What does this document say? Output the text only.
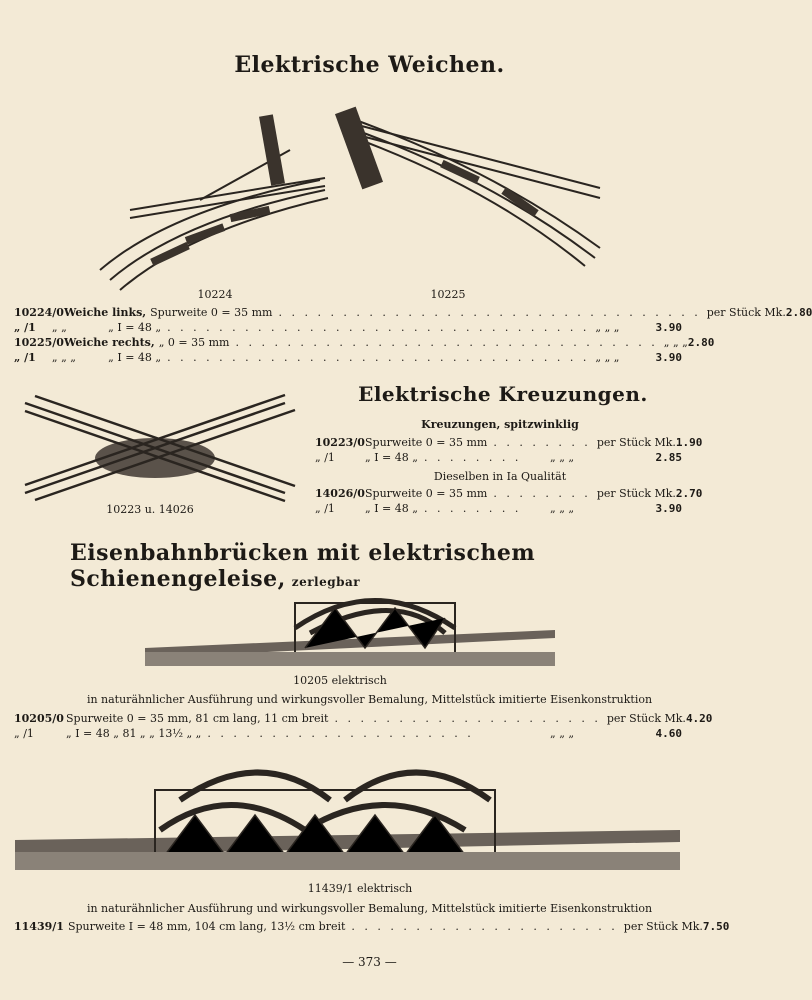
Elektrische Weichen.
10224	10225
10224/0 Weiche links, Spurweite 0 = 35 mm . . . . . . . . . . . . . . . . . . . . . . . . . . . . . . . . . per Stück Mk. 2.80
„ /1	„ „	„ I = 48 „ . . . . . . . . . . . . . . . . . . . . . . . . . . . . . . . . . „ „ „	3.90
10225/0 Weiche rechts, „ 0 = 35 mm . . . . . . . . . . . . . . . . . . . . . . . . . . . . . . . . . „ „ „ 2.80
„ /1	„ „ „	„ I = 48 „ . . . . . . . . . . . . . . . . . . . . . . . . . . . . . . . . . „ „ „	3.90
Elektrische Kreuzungen.
10223 u. 14026
Kreuzungen, spitzwinklig
10223/0 Spurweite 0 = 35 mm . . . . . . . . per Stück Mk. 1.90
„ /1	„ I = 48 „ . . . . . . . .	„ „ „	2.85
Dieselben in Ia Qualität
14026/0 Spurweite 0 = 35 mm . . . . . . . . per Stück Mk. 2.70
„ /1	„ I = 48 „ . . . . . . . .	„ „ „	3.90
Eisenbahnbrücken mit elektrischem Schienengeleise, zerlegbar
10205 elektrisch
in naturähnlicher Ausführung und wirkungsvoller Bemalung, Mittelstück imitierte Eisenkonstruktion
10205/0 Spurweite 0 = 35 mm, 81 cm lang, 11 cm breit . . . . . . . . . . . . . . . . . . . . . per Stück Mk. 4.20
„ /1	„ I = 48 „ 81 „ „ 13½ „ „ . . . . . . . . . . . . . . . . . . . . .	„ „ „	4.60
11439/1 elektrisch
in naturähnlicher Ausführung und wirkungsvoller Bemalung, Mittelstück imitierte Eisenkonstruktion
11439/1 Spurweite I = 48 mm, 104 cm lang, 13½ cm breit . . . . . . . . . . . . . . . . . . . . . per Stück Mk. 7.50
— 373 —
